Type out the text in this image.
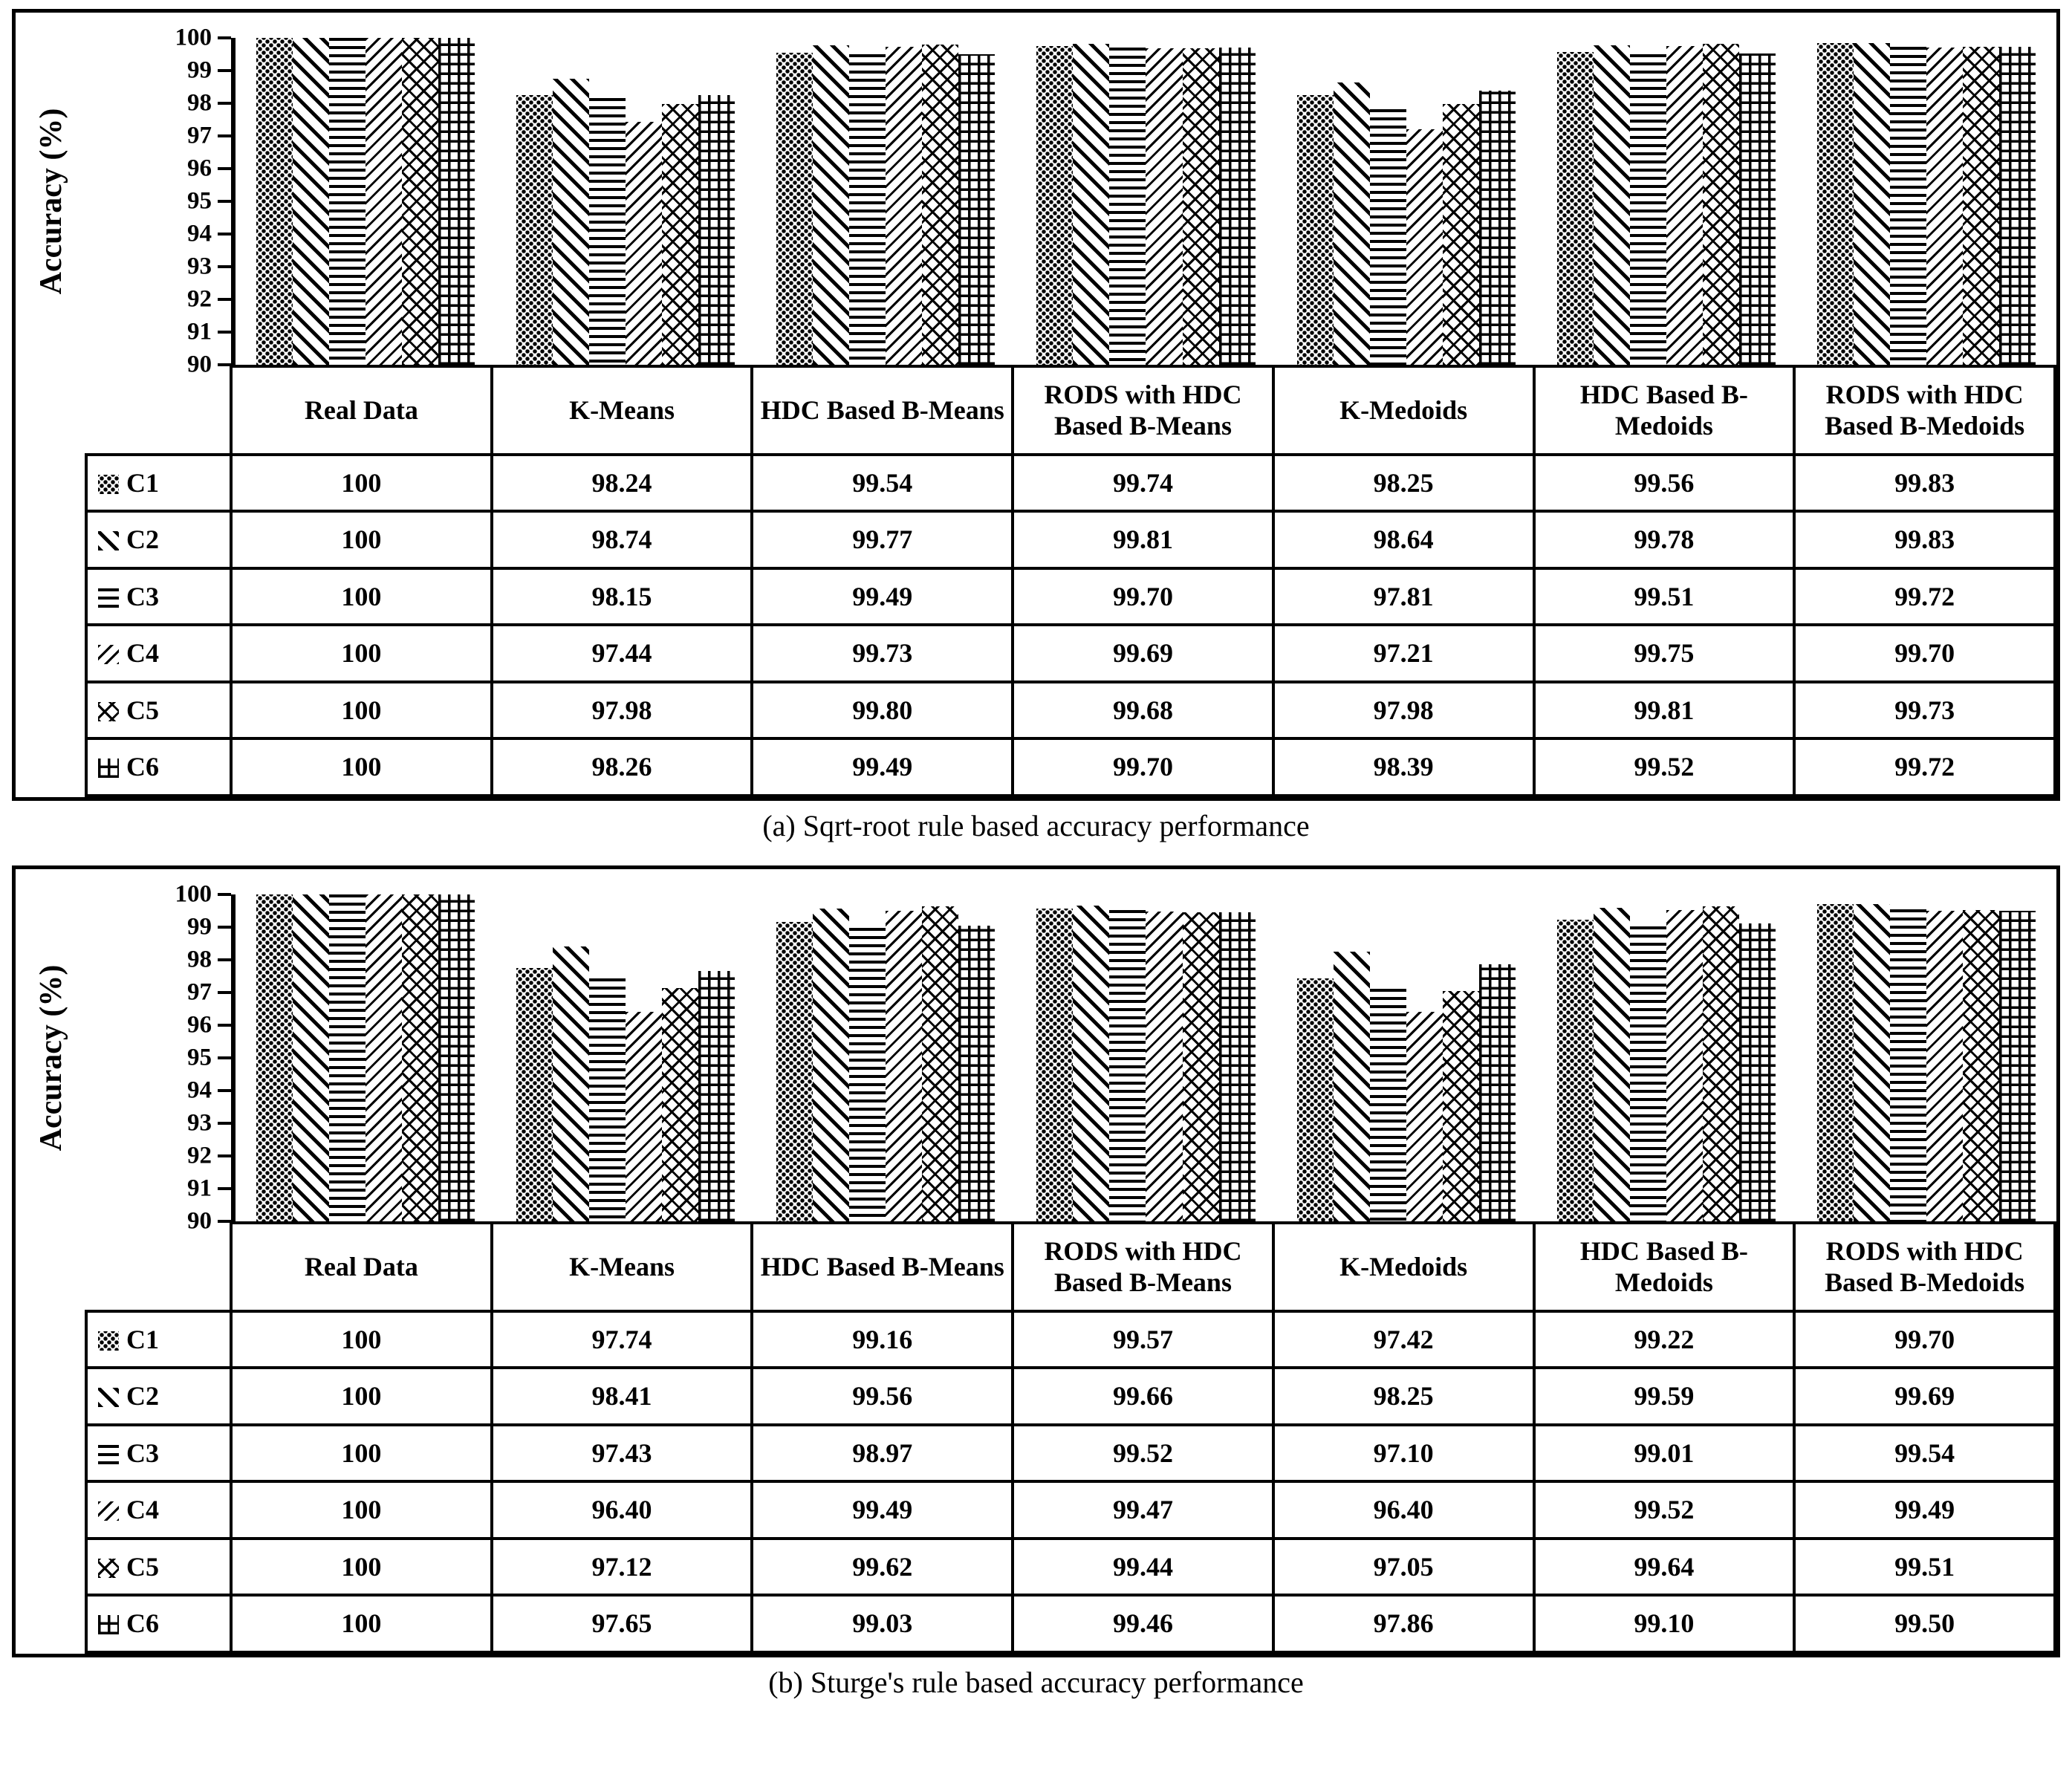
Accuracy (%)
90
91
92
93
94
95
96
97
98
99
100
		Real Data	K-Means	HDC Based B-Means	RODS with HDC Based B-Means	K-Medoids	HDC Based B-Medoids	RODS with HDC Based B-Medoids
	C1	100	98.24	99.54	99.74	98.25	99.56	99.83
	C2	100	98.74	99.77	99.81	98.64	99.78	99.83
	C3	100	98.15	99.49	99.70	97.81	99.51	99.72
	C4	100	97.44	99.73	99.69	97.21	99.75	99.70
	C5	100	97.98	99.80	99.68	97.98	99.81	99.73
	C6	100	98.26	99.49	99.70	98.39	99.52	99.72
(a) Sqrt-root rule based accuracy performance
Accuracy (%)
90
91
92
93
94
95
96
97
98
99
100
		Real Data	K-Means	HDC Based B-Means	RODS with HDC Based B-Means	K-Medoids	HDC Based B-Medoids	RODS with HDC Based B-Medoids
	C1	100	97.74	99.16	99.57	97.42	99.22	99.70
	C2	100	98.41	99.56	99.66	98.25	99.59	99.69
	C3	100	97.43	98.97	99.52	97.10	99.01	99.54
	C4	100	96.40	99.49	99.47	96.40	99.52	99.49
	C5	100	97.12	99.62	99.44	97.05	99.64	99.51
	C6	100	97.65	99.03	99.46	97.86	99.10	99.50
(b) Sturge's rule based accuracy performance
